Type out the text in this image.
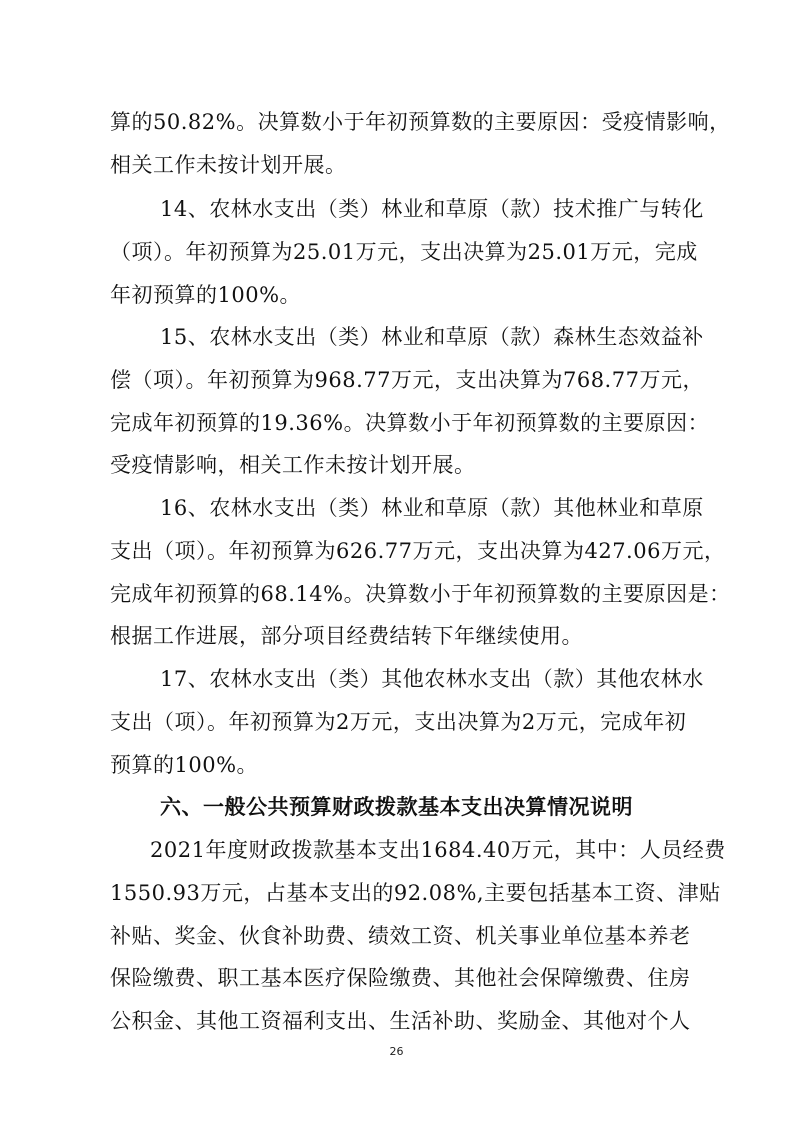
算的50.82%。决算数小于年初预算数的主要原因：受疫情影响，
相关工作未按计划开展。
14、农林水支出（类）林业和草原（款）技术推广与转化
（项）。年初预算为25.01万元，支出决算为25.01万元，完成
年初预算的100%。
15、农林水支出（类）林业和草原（款）森林生态效益补
偿（项）。年初预算为968.77万元，支出决算为768.77万元，
完成年初预算的19.36%。决算数小于年初预算数的主要原因：
受疫情影响，相关工作未按计划开展。
16、农林水支出（类）林业和草原（款）其他林业和草原
支出（项）。年初预算为626.77万元，支出决算为427.06万元，
完成年初预算的68.14%。决算数小于年初预算数的主要原因是：
根据工作进展，部分项目经费结转下年继续使用。
17、农林水支出（类）其他农林水支出（款）其他农林水
支出（项）。年初预算为2万元，支出决算为2万元，完成年初
预算的100%。
六、一般公共预算财政拨款基本支出决算情况说明
2021年度财政拨款基本支出1684.40万元，其中：人员经费
1550.93万元，占基本支出的92.08%,主要包括基本工资、津贴
补贴、奖金、伙食补助费、绩效工资、机关事业单位基本养老
保险缴费、职工基本医疗保险缴费、其他社会保障缴费、住房
公积金、其他工资福利支出、生活补助、奖励金、其他对个人
26
